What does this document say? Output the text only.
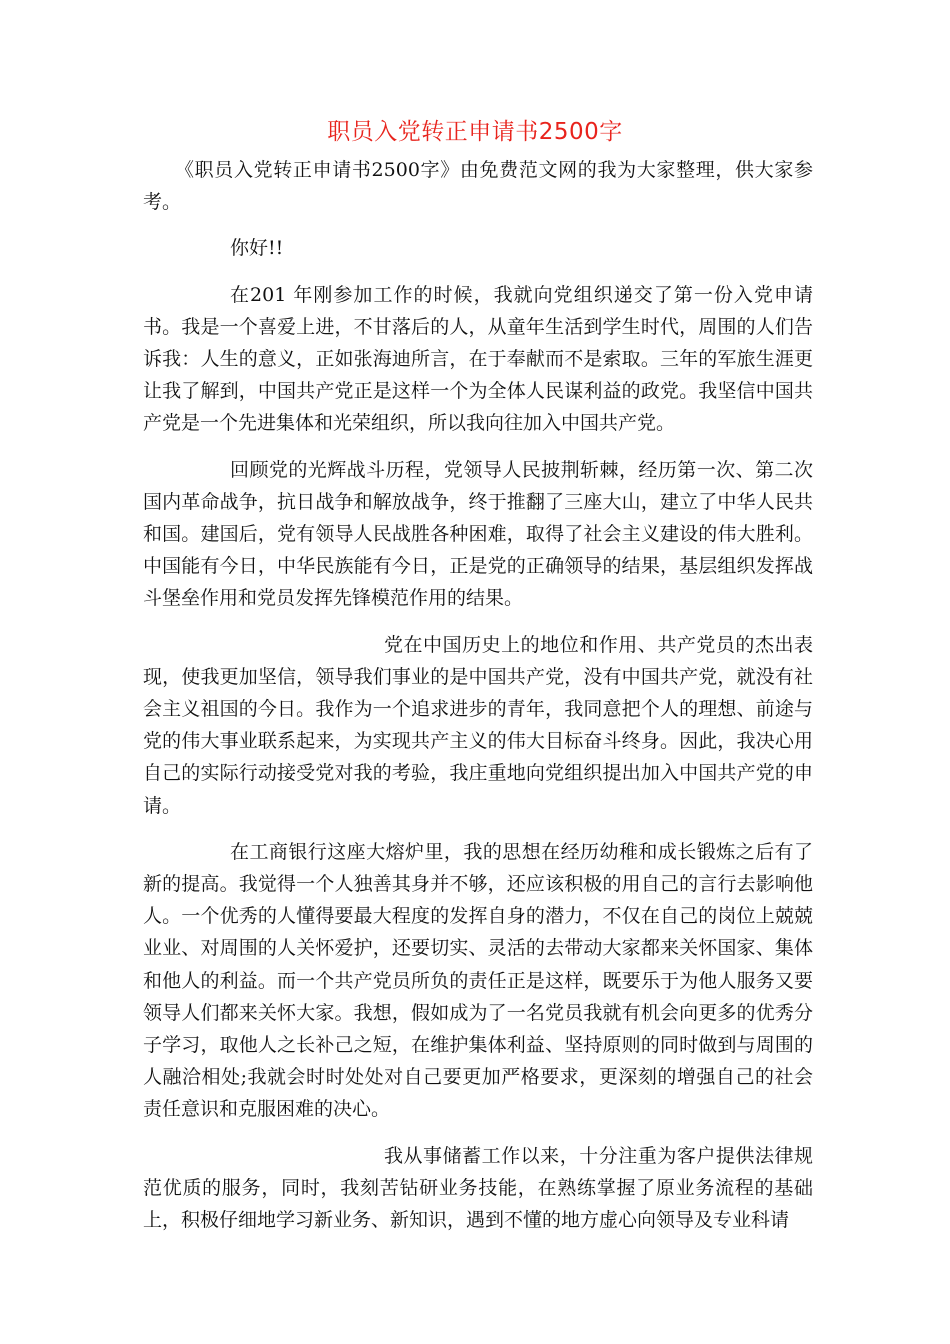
职员入党转正申请书2500字

《职员入党转正申请书2500字》由免费范文网的我为大家整理，供大家参考。

你好!!

在201 年刚参加工作的时候，我就向党组织递交了第一份入党申请书。我是一个喜爱上进，不甘落后的人，从童年生活到学生时代，周围的人们告诉我：人生的意义，正如张海迪所言，在于奉献而不是索取。三年的军旅生涯更让我了解到，中国共产党正是这样一个为全体人民谋利益的政党。我坚信中国共产党是一个先进集体和光荣组织，所以我向往加入中国共产党。

回顾党的光辉战斗历程，党领导人民披荆斩棘，经历第一次、第二次国内革命战争，抗日战争和解放战争，终于推翻了三座大山，建立了中华人民共和国。建国后，党有领导人民战胜各种困难，取得了社会主义建设的伟大胜利。中国能有今日，中华民族能有今日，正是党的正确领导的结果，基层组织发挥战斗堡垒作用和党员发挥先锋模范作用的结果。

党在中国历史上的地位和作用、共产党员的杰出表现，使我更加坚信，领导我们事业的是中国共产党，没有中国共产党，就没有社会主义祖国的今日。我作为一个追求进步的青年，我同意把个人的理想、前途与党的伟大事业联系起来，为实现共产主义的伟大目标奋斗终身。因此，我决心用自己的实际行动接受党对我的考验，我庄重地向党组织提出加入中国共产党的申请。

在工商银行这座大熔炉里，我的思想在经历幼稚和成长锻炼之后有了新的提高。我觉得一个人独善其身并不够，还应该积极的用自己的言行去影响他人。一个优秀的人懂得要最大程度的发挥自身的潜力，不仅在自己的岗位上兢兢业业、对周围的人关怀爱护，还要切实、灵活的去带动大家都来关怀国家、集体和他人的利益。而一个共产党员所负的责任正是这样，既要乐于为他人服务又要领导人们都来关怀大家。我想，假如成为了一名党员我就有机会向更多的优秀分子学习，取他人之长补己之短，在维护集体利益、坚持原则的同时做到与周围的人融洽相处;我就会时时处处对自己要更加严格要求，更深刻的增强自己的社会责任意识和克服困难的决心。

我从事储蓄工作以来，十分注重为客户提供法律规范优质的服务，同时，我刻苦钻研业务技能，在熟练掌握了原业务流程的基础上，积极仔细地学习新业务、新知识，遇到不懂的地方虚心向领导及专业科请
